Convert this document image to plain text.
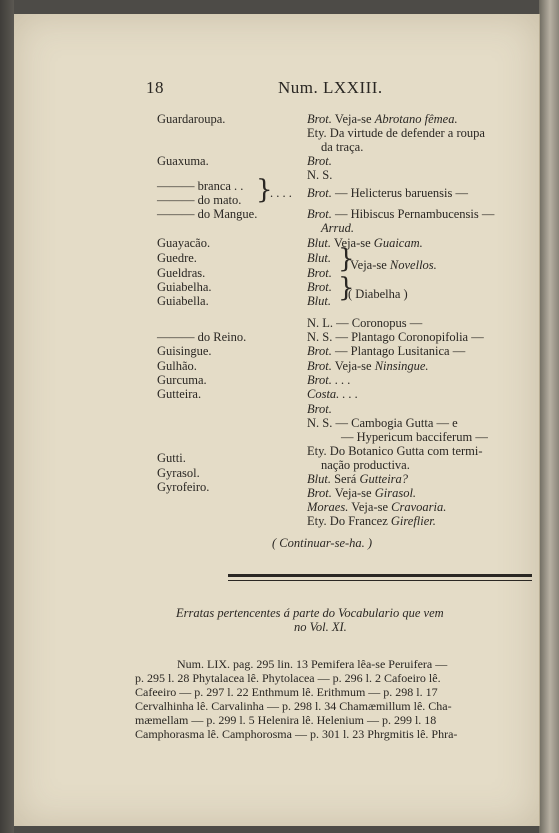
18	Num. LXXIII.
Guardaroupa.
Guaxuma.
——— branca . .
——— do mato.
——— do Mangue.
Guayacão.
Guedre.
Gueldras.
Guiabelha.
Guiabella.
——— do Reino.
Guisingue.
Gulhão.
Gurcuma.
Gutteira.
Gutti.
Gyrasol.
Gyrofeiro.
}
. . . .
Brot. Veja-se Abrotano fêmea.
Ety. Da virtude de defender a roupa
da traça.
Brot.
N. S.
Brot. — Helicterus baruensis —
Brot. — Hibiscus Pernambucensis —
Arrud.
Blut. Veja-se Guaicam.
Blut.
Brot. }
Veja-se Novellos.
Brot.
Blut. }
( Diabelha )
N. L. — Coronopus —
N. S. — Plantago Coronopifolia —
Brot. — Plantago Lusitanica —
Brot. Veja-se Ninsingue.
Brot. . . .
Costa. . . .
Brot.
N. S. — Cambogia Gutta — e
— Hypericum bacciferum —
Ety. Do Botanico Gutta com termi-
nação productiva.
Blut. Será Gutteira?
Brot. Veja-se Girasol.
Moraes. Veja-se Cravoaria.
Ety. Do Francez Gireflier.
( Continuar-se-ha. )
Erratas pertencentes á parte do Vocabulario que vem
no Vol. XI.
Num. LIX. pag. 295 lin. 13 Pemifera lêa-se Peruifera —
p. 295 l. 28 Phytalacea lê. Phytolacea — p. 296 l. 2 Cafoeiro lê.
Cafeeiro — p. 297 l. 22 Enthmum lê. Erithmum — p. 298 l. 17
Cervalhinha lê. Carvalinha — p. 298 l. 34 Chamæmillum lê. Cha-
mæmellam — p. 299 l. 5 Helenira lê. Helenium — p. 299 l. 18
Camphorasma lê. Camphorosma — p. 301 l. 23 Phrgmitis lê. Phra-
